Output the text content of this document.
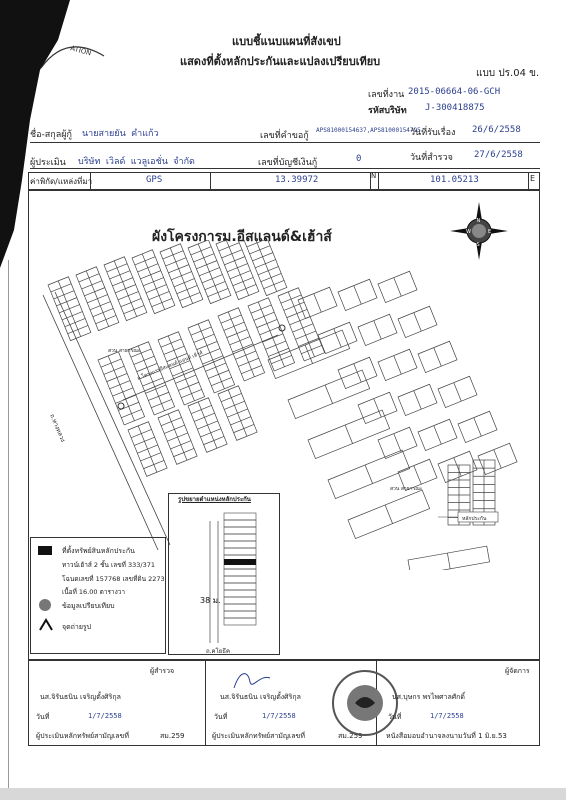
ATION
แบบชี้แนบแผนที่สังเขป
แสดงที่ตั้งหลักประกันและแปลงเปรียบเทียบ
แบบ ปร.04 ข.
เลขที่งาน 2015-06664-06-GCH
รหัสบริษัท J-300418875
ชื่อ-สกุลผู้กู้ นายสายยัน คำแก้ว	เลขที่คำขอกู้
APS81000154637,APS81000154795
วันที่รับเรื่อง 26/6/2558
ผู้ประเมิน บริษัท เวิลด์ แวลูเอชั่น จำกัด	เลขที่บัญชีเงินกู้	0	วันที่สำรวจ 27/6/2558
ค่าพิกัด/แหล่งที่มา	GPS	13.39972	N	101.05213	E
ผังโครงการม.อีสแลนด์&เฮ้าส์
N
S
E
W
ถ.ทางหลวง
ถ.โครงการอีสแลนด์ แอนด์ เฮ้าส์
สวน สาธารณะ
สวน สาธารณะ
หลักประกัน
รูปขยายตำแหน่งหลักประกัน
38 ม.
ถ.คโยธีค
ที่ตั้งทรัพย์สินหลักประกัน
ทาวน์เฮ้าส์ 2 ชั้น เลขที่ 333/371
โฉนดเลขที่ 157768 เลขที่ดิน 2273
เนื้อที่ 16.00 ตารางวา
ข้อมูลเปรียบเทียบ
จุดถ่ายรูป
ผู้สำรวจ
นส.จิรันธนิน เจริญตั้งศิริกุล
วันที่	1/7/2558
ผู้ประเมินหลักทรัพย์สามัญเลขที่	สม.259
นส.จิรันธนิน เจริญตั้งศิริกุล
วันที่	1/7/2558
ผู้ประเมินหลักทรัพย์สามัญเลขที่	สม.259
ผู้จัดการ
นส.บุษกร พรไพศาลศักดิ์
วันที่	1/7/2558
หนังสือมอบอำนาจลงนามวันที่ 1 มิ.ย.53
